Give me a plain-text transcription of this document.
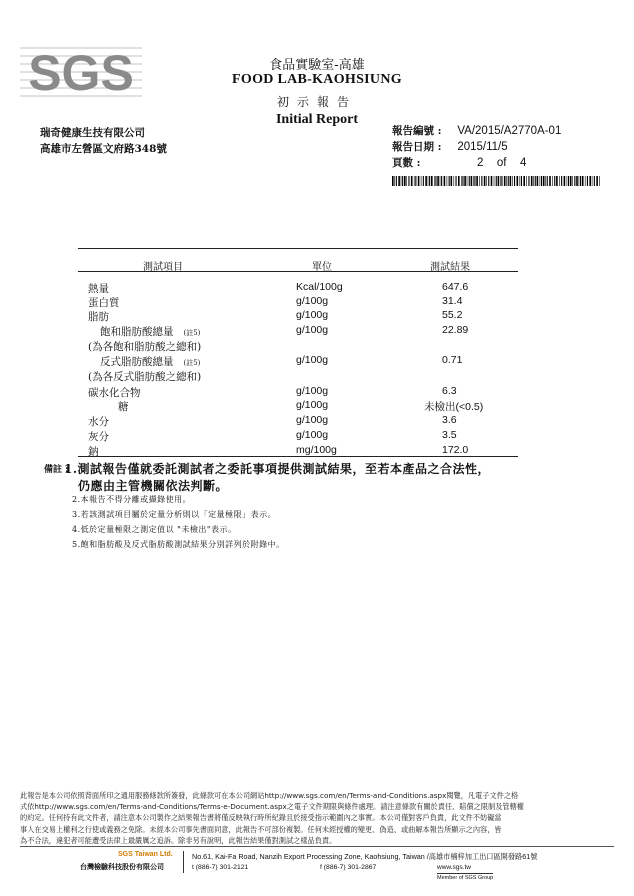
SGS	食品實驗室-高雄
FOOD LAB-KAOHSIUNG
初示報告
Initial Report
瑞奇健康生技有限公司
高雄市左營區文府路348號
報告編號 : VA/2015/A2770A-01
報告日期 : 2015/11/5
頁數 :	2 of 4
測試項目	單位	測試結果
熱量	Kcal/100g	647.6
蛋白質	g/100g	31.4
脂肪	g/100g	55.2
飽和脂肪酸總量 (註5)	g/100g	22.89
(為各飽和脂肪酸之總和)
反式脂肪酸總量 (註5)	g/100g	0.71
(為各反式脂肪酸之總和)
碳水化合物	g/100g	6.3
糖	g/100g	未檢出(<0.5)
水分	g/100g	3.6
灰分	g/100g	3.5
鈉	mg/100g	172.0
備註 :
1.測試報告僅就委託測試者之委託事項提供測試結果，至若本產品之合法性，
仍應由主管機關依法判斷。
2.本報告不得分離或擷錄使用。
3.若該測試項目屬於定量分析則以「定量極限」表示。
4.低於定量極限之測定值以 "未檢出"表示。
5.飽和脂肪酸及反式脂肪酸測試結果分別詳列於附錄中。
此報告是本公司依照背面所印之通用服務條款所簽發，此條款可在本公司網站http://www.sgs.com/en/Terms-and-Conditions.aspx閱覽，凡電子文件之格
式依http://www.sgs.com/en/Terms-and-Conditions/Terms-e-Document.aspx之電子文件期限與條件處理。請注意條款有關於責任、賠償之限制及管轄權
的約定。任何持有此文件者，請注意本公司製作之結果報告書將僅反映執行時所紀錄且於接受指示範圍內之事實。本公司僅對客戶負責，此文件不妨礙當
事人在交易上權利之行使或義務之免除。未經本公司事先書面同意，此報告不可部份複製。任何未經授權的變更、偽造、或曲解本報告所顯示之內容，皆
為不合法，違犯者可能遭受法律上最嚴厲之追訴。除非另有說明，此報告結果僅對測試之樣品負責。
SGS Taiwan Ltd.
台灣檢驗科技股份有限公司
No.61, Kai-Fa Road, Nanzih Export Processing Zone, Kaohsiung, Taiwan /高雄市楠梓加工出口區開發路61號
t (886-7) 301-2121	f (886-7) 301-2867	www.sgs.tw
Member of SGS Group
